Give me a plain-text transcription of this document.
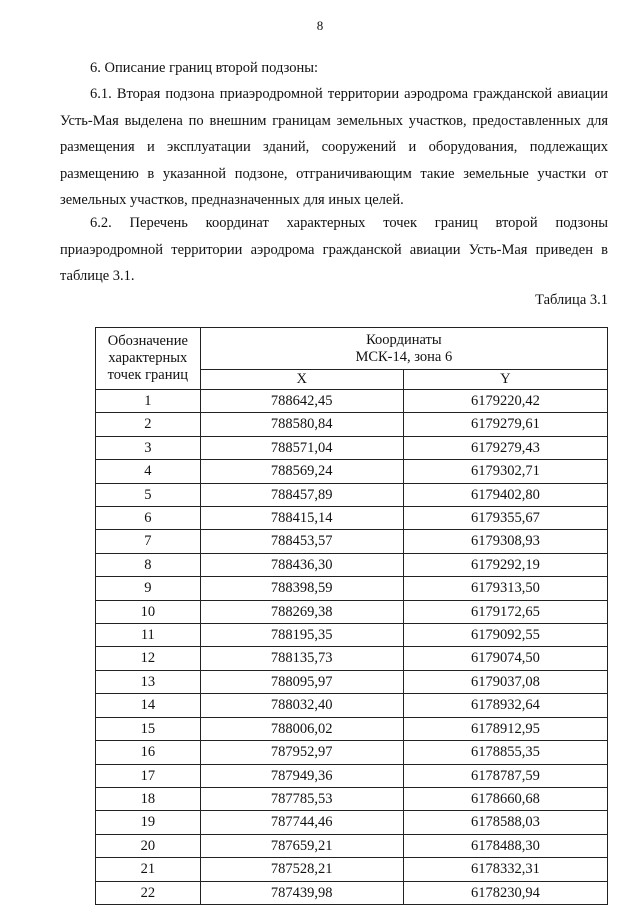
8
6. Описание границ второй подзоны:

6.1. Вторая подзона приаэродромной территории аэродрома гражданской авиации Усть-Мая выделена по внешним границам земельных участков, предоставленных для размещения и эксплуатации зданий, сооружений и оборудования, подлежащих размещению в указанной подзоне, отграничивающим такие земельные участки от земельных участков, предназначенных для иных целей.

6.2. Перечень координат характерных точек границ второй подзоны приаэродромной территории аэродрома гражданской авиации Усть-Мая приведен в таблице 3.1.

Таблица 3.1
Обозначение характерных точек границ	Координаты
МСК-14, зона 6	

	X	Y
1	788642,45	6179220,42
2	788580,84	6179279,61
3	788571,04	6179279,43
4	788569,24	6179302,71
5	788457,89	6179402,80
6	788415,14	6179355,67
7	788453,57	6179308,93
8	788436,30	6179292,19
9	788398,59	6179313,50
10	788269,38	6179172,65
11	788195,35	6179092,55
12	788135,73	6179074,50
13	788095,97	6179037,08
14	788032,40	6178932,64
15	788006,02	6178912,95
16	787952,97	6178855,35
17	787949,36	6178787,59
18	787785,53	6178660,68
19	787744,46	6178588,03
20	787659,21	6178488,30
21	787528,21	6178332,31
22	787439,98	6178230,94
